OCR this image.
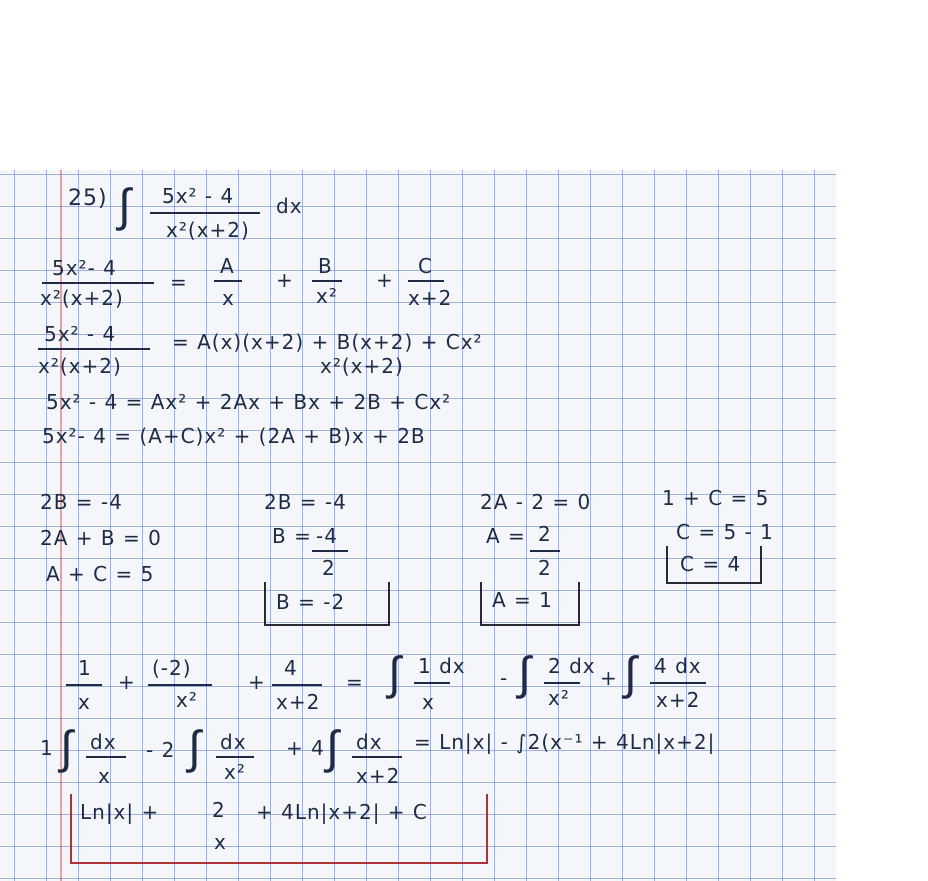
25) ∫ 5x² - 4
x²(x+2)
dx
5x²- 4
x²(x+2)
=
A
x
+
B
x²
+
C
x+2
5x² - 4
x²(x+2)
= A(x)(x+2) + B(x+2) + Cx²
x²(x+2)
5x² - 4 = Ax² + 2Ax + Bx + 2B + Cx²
5x²- 4 = (A+C)x² + (2A + B)x + 2B
2B = -4
2A + B = 0
A + C = 5
2B = -4
B = -4
2
B = -2
2A - 2 = 0
A = 2
2
A = 1
1 + C = 5
C = 5 - 1
C = 4
1
x
+
(-2)
x²
+
4
x+2
= ∫ 1 dx
x
- ∫ 2 dx
x²
+ ∫ 4 dx
x+2
1 ∫ dx
x
- 2 ∫ dx
x²
+ 4 ∫ dx
x+2
= Ln|x| - ∫2(x⁻¹ + 4Ln|x+2|
Ln|x| +	2
x
+ 4Ln|x+2| + C
